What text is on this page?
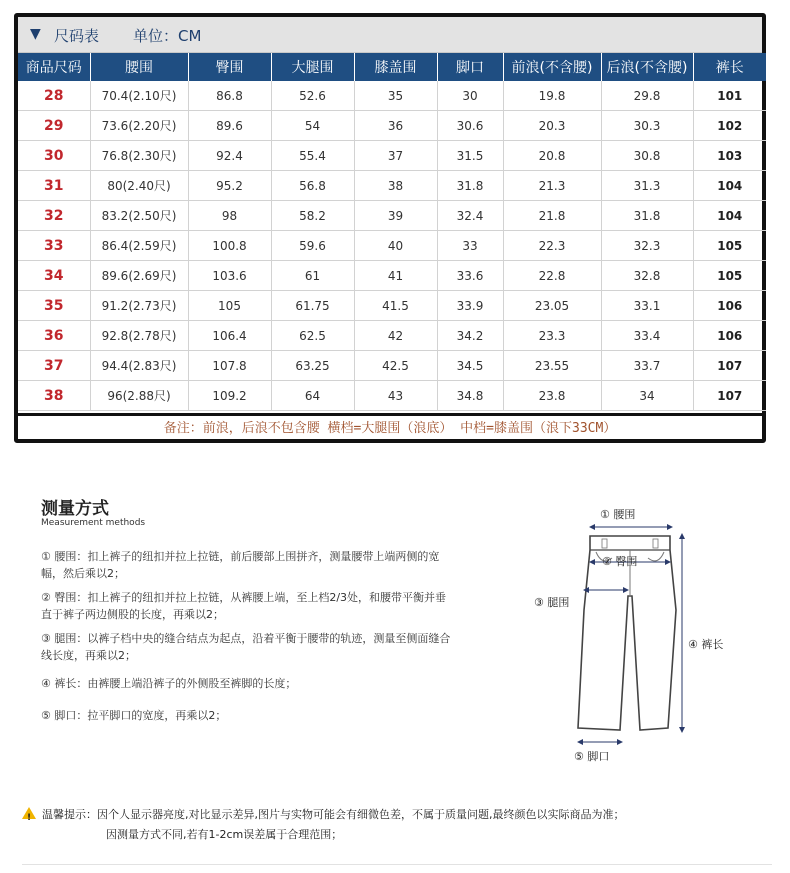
▼ 尺码表 单位：CM
商品尺码	腰围	臀围	大腿围	膝盖围	脚口	前浪(不含腰)	后浪(不含腰)	裤长
28	70.4(2.10尺)	86.8	52.6	35	30	19.8	29.8	101
29	73.6(2.20尺)	89.6	54	36	30.6	20.3	30.3	102
30	76.8(2.30尺)	92.4	55.4	37	31.5	20.8	30.8	103
31	80(2.40尺)	95.2	56.8	38	31.8	21.3	31.3	104
32	83.2(2.50尺)	98	58.2	39	32.4	21.8	31.8	104
33	86.4(2.59尺)	100.8	59.6	40	33	22.3	32.3	105
34	89.6(2.69尺)	103.6	61	41	33.6	22.8	32.8	105
35	91.2(2.73尺)	105	61.75	41.5	33.9	23.05	33.1	106
36	92.8(2.78尺)	106.4	62.5	42	34.2	23.3	33.4	106
37	94.4(2.83尺)	107.8	63.25	42.5	34.5	23.55	33.7	107
38	96(2.88尺)	109.2	64	43	34.8	23.8	34	107
备注：前浪，后浪不包含腰 横档=大腿围（浪底） 中档=膝盖围（浪下33CM）
测量方式
Measurement methods
① 腰围：扣上裤子的纽扣并拉上拉链，前后腰部上围拼齐，测量腰带上端两侧的宽幅，然后乘以2；
② 臀围：扣上裤子的纽扣并拉上拉链，从裤腰上端，至上档2/3处，和腰带平衡并垂直于裤子两边侧股的长度，再乘以2；
③ 腿围：以裤子档中央的缝合结点为起点，沿着平衡于腰带的轨迹，测量至侧面缝合线长度，再乘以2；
④ 裤长：由裤腰上端沿裤子的外侧股至裤脚的长度；
⑤ 脚口：拉平脚口的宽度，再乘以2；
① 腰围
② 臀围
③ 腿围
④ 裤长
⑤ 脚口
!温馨提示：因个人显示器亮度,对比显示差异,图片与实物可能会有细微色差，不属于质量问题,最终颜色以实际商品为准；
因测量方式不同,若有1-2cm误差属于合理范围；
